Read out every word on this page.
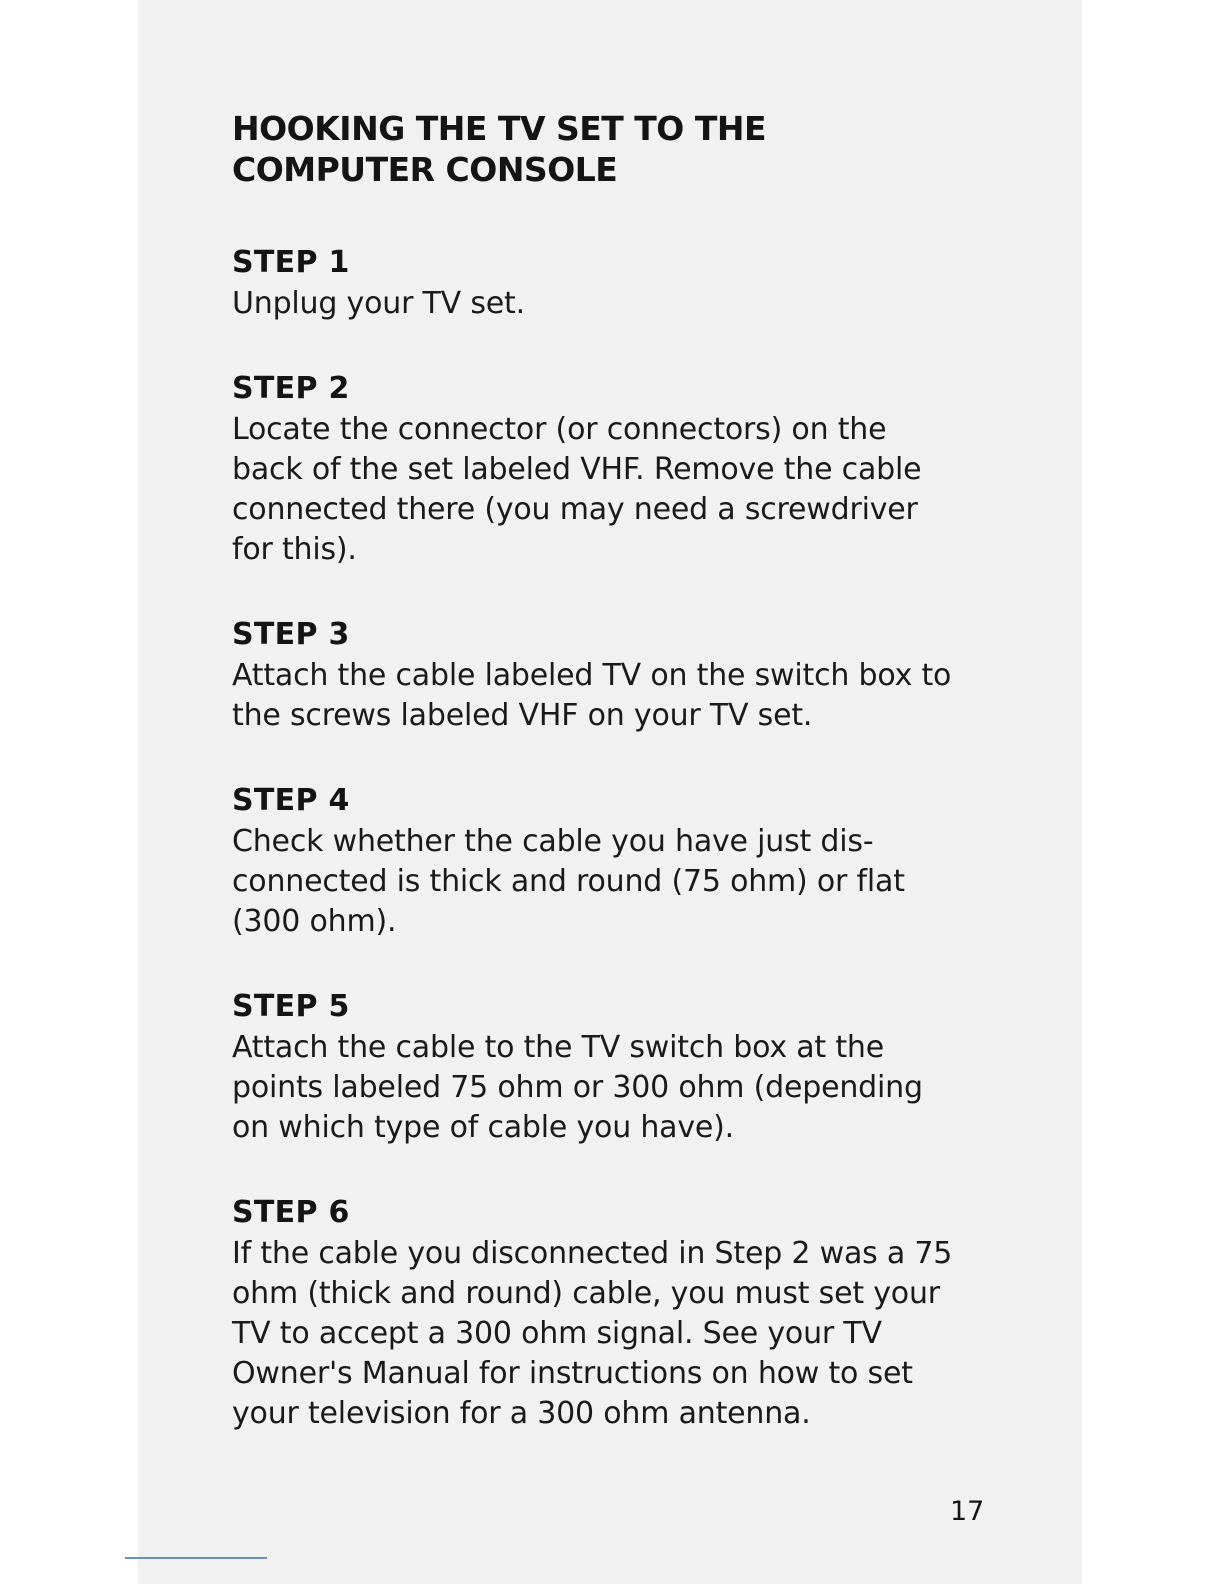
HOOKING THE TV SET TO THE
COMPUTER CONSOLE

STEP 1

Unplug your TV set.

STEP 2

Locate the connector (or connectors) on the
back of the set labeled VHF. Remove the cable
connected there (you may need a screwdriver
for this).

STEP 3

Attach the cable labeled TV on the switch box to
the screws labeled VHF on your TV set.

STEP 4

Check whether the cable you have just dis-
connected is thick and round (75 ohm) or flat
(300 ohm).

STEP 5

Attach the cable to the TV switch box at the
points labeled 75 ohm or 300 ohm (depending
on which type of cable you have).

STEP 6

If the cable you disconnected in Step 2 was a 75
ohm (thick and round) cable, you must set your
TV to accept a 300 ohm signal. See your TV
Owner's Manual for instructions on how to set
your television for a 300 ohm antenna.

17
